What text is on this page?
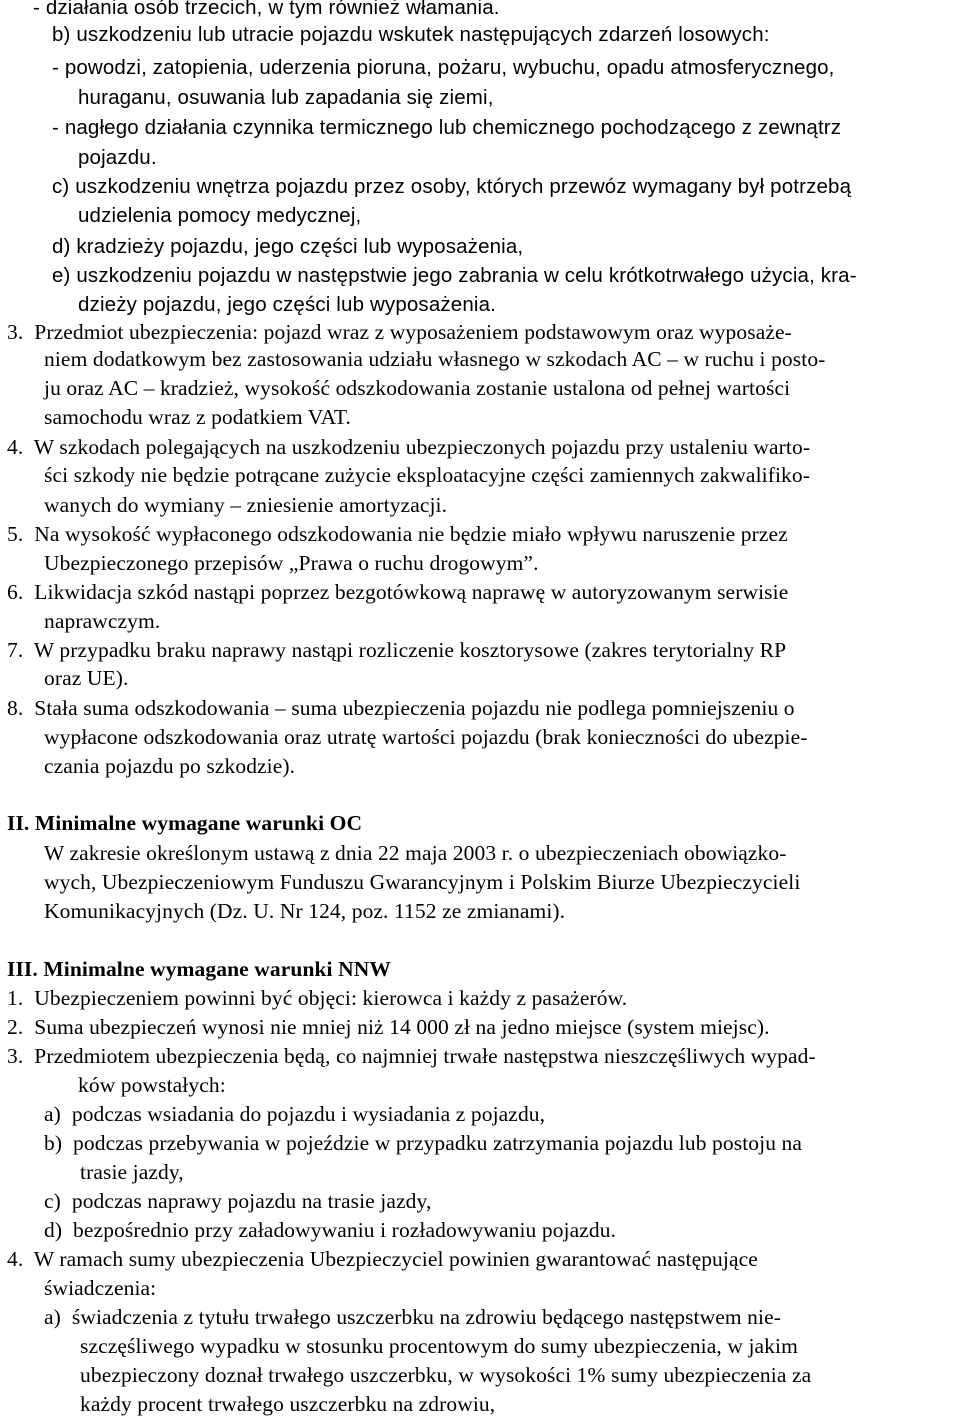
- działania osób trzecich, w tym również włamania.
b) uszkodzeniu lub utracie pojazdu wskutek następujących zdarzeń losowych:
- powodzi, zatopienia, uderzenia pioruna, pożaru, wybuchu, opadu atmosferycznego,
huraganu, osuwania lub zapadania się ziemi,
- nagłego działania czynnika termicznego lub chemicznego pochodzącego z zewnątrz
pojazdu.
c) uszkodzeniu wnętrza pojazdu przez osoby, których przewóz wymagany był potrzebą
udzielenia pomocy medycznej,
d) kradzieży pojazdu, jego części lub wyposażenia,
e) uszkodzeniu pojazdu w następstwie jego zabrania w celu krótkotrwałego użycia, kra-
dzieży pojazdu, jego części lub wyposażenia.
3.  Przedmiot ubezpieczenia: pojazd wraz z wyposażeniem podstawowym oraz wyposaże-
niem dodatkowym bez zastosowania udziału własnego w szkodach AC – w ruchu i posto-
ju oraz AC – kradzież, wysokość odszkodowania zostanie ustalona od pełnej wartości
samochodu wraz z podatkiem VAT.
4.  W szkodach polegających na uszkodzeniu ubezpieczonych pojazdu przy ustaleniu warto-
ści szkody nie będzie potrącane zużycie eksploatacyjne części zamiennych zakwalifiko-
wanych do wymiany – zniesienie amortyzacji.
5.  Na wysokość wypłaconego odszkodowania nie będzie miało wpływu naruszenie przez
Ubezpieczonego przepisów „Prawa o ruchu drogowym”.
6.  Likwidacja szkód nastąpi poprzez bezgotówkową naprawę w autoryzowanym serwisie
naprawczym.
7.  W przypadku braku naprawy nastąpi rozliczenie kosztorysowe (zakres terytorialny RP
oraz UE).
8.  Stała suma odszkodowania – suma ubezpieczenia pojazdu nie podlega pomniejszeniu o
wypłacone odszkodowania oraz utratę wartości pojazdu (brak konieczności do ubezpie-
czania pojazdu po szkodzie).
II. Minimalne wymagane warunki OC
W zakresie określonym ustawą z dnia 22 maja 2003 r. o ubezpieczeniach obowiązko-
wych, Ubezpieczeniowym Funduszu Gwarancyjnym i Polskim Biurze Ubezpieczycieli
Komunikacyjnych (Dz. U. Nr 124, poz. 1152 ze zmianami).
III. Minimalne wymagane warunki NNW
1.  Ubezpieczeniem powinni być objęci: kierowca i każdy z pasażerów.
2.  Suma ubezpieczeń wynosi nie mniej niż 14 000 zł na jedno miejsce (system miejsc).
3.  Przedmiotem ubezpieczenia będą, co najmniej trwałe następstwa nieszczęśliwych wypad-
ków powstałych:
a)  podczas wsiadania do pojazdu i wysiadania z pojazdu,
b)  podczas przebywania w pojeździe w przypadku zatrzymania pojazdu lub postoju na
trasie jazdy,
c)  podczas naprawy pojazdu na trasie jazdy,
d)  bezpośrednio przy załadowywaniu i rozładowywaniu pojazdu.
4.  W ramach sumy ubezpieczenia Ubezpieczyciel powinien gwarantować następujące
świadczenia:
a)  świadczenia z tytułu trwałego uszczerbku na zdrowiu będącego następstwem nie-
szczęśliwego wypadku w stosunku procentowym do sumy ubezpieczenia, w jakim
ubezpieczony doznał trwałego uszczerbku, w wysokości 1% sumy ubezpieczenia za
każdy procent trwałego uszczerbku na zdrowiu,
